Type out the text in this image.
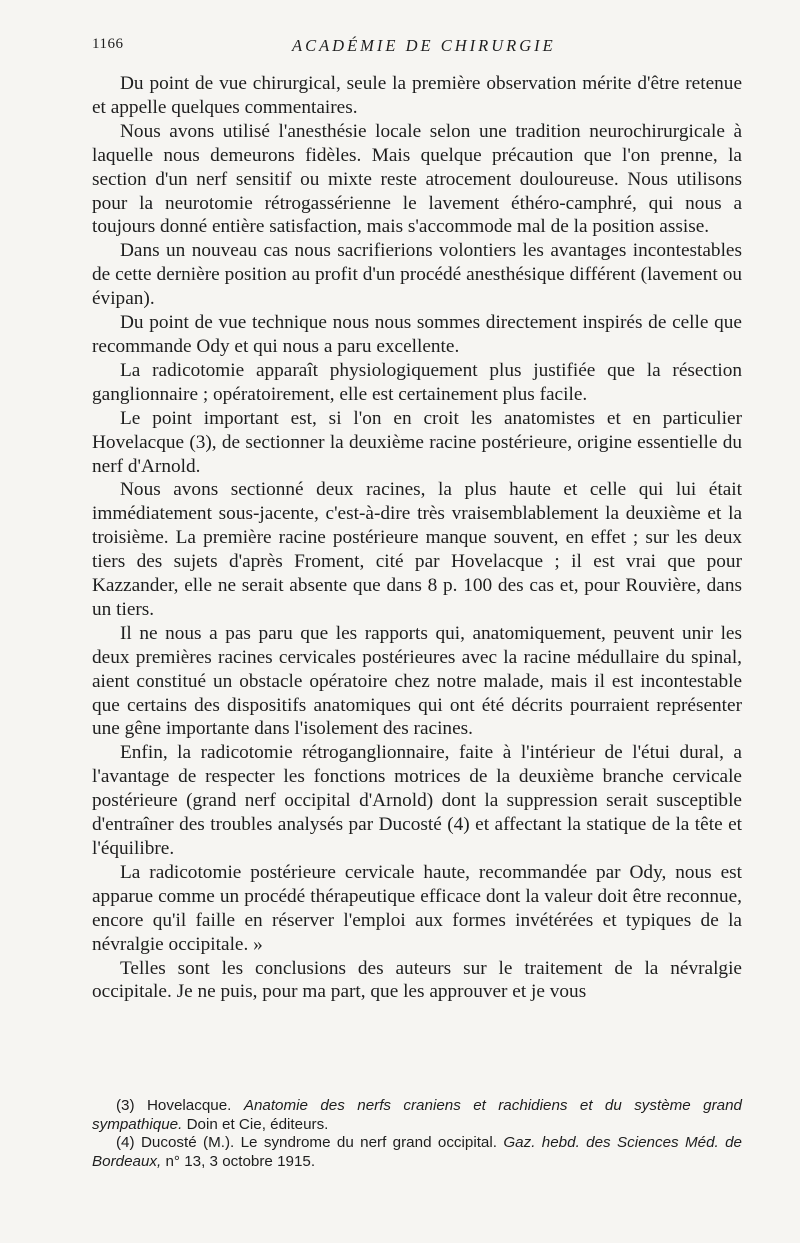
1166	ACADÉMIE DE CHIRURGIE

Du point de vue chirurgical, seule la première observation mérite d'être retenue et appelle quelques commentaires.

Nous avons utilisé l'anesthésie locale selon une tradition neurochirurgicale à laquelle nous demeurons fidèles. Mais quelque précaution que l'on prenne, la section d'un nerf sensitif ou mixte reste atrocement douloureuse. Nous utilisons pour la neurotomie rétrogassérienne le lavement éthéro-camphré, qui nous a toujours donné entière satisfaction, mais s'accommode mal de la position assise.

Dans un nouveau cas nous sacrifierions volontiers les avantages incontestables de cette dernière position au profit d'un procédé anesthésique différent (lavement ou évipan).

Du point de vue technique nous nous sommes directement inspirés de celle que recommande Ody et qui nous a paru excellente.

La radicotomie apparaît physiologiquement plus justifiée que la résection ganglionnaire ; opératoirement, elle est certainement plus facile.

Le point important est, si l'on en croit les anatomistes et en particulier Hovelacque (3), de sectionner la deuxième racine postérieure, origine essentielle du nerf d'Arnold.

Nous avons sectionné deux racines, la plus haute et celle qui lui était immédiatement sous-jacente, c'est-à-dire très vraisemblablement la deuxième et la troisième. La première racine postérieure manque souvent, en effet ; sur les deux tiers des sujets d'après Froment, cité par Hovelacque ; il est vrai que pour Kazzander, elle ne serait absente que dans 8 p. 100 des cas et, pour Rouvière, dans un tiers.

Il ne nous a pas paru que les rapports qui, anatomiquement, peuvent unir les deux premières racines cervicales postérieures avec la racine médullaire du spinal, aient constitué un obstacle opératoire chez notre malade, mais il est incontestable que certains des dispositifs anatomiques qui ont été décrits pourraient représenter une gêne importante dans l'isolement des racines.

Enfin, la radicotomie rétroganglionnaire, faite à l'intérieur de l'étui dural, a l'avantage de respecter les fonctions motrices de la deuxième branche cervicale postérieure (grand nerf occipital d'Arnold) dont la suppression serait susceptible d'entraîner des troubles analysés par Ducosté (4) et affectant la statique de la tête et l'équilibre.

La radicotomie postérieure cervicale haute, recommandée par Ody, nous est apparue comme un procédé thérapeutique efficace dont la valeur doit être reconnue, encore qu'il faille en réserver l'emploi aux formes invétérées et typiques de la névralgie occipitale. »

Telles sont les conclusions des auteurs sur le traitement de la névralgie occipitale. Je ne puis, pour ma part, que les approuver et je vous

(3) Hovelacque. Anatomie des nerfs craniens et rachidiens et du système grand sympathique. Doin et Cie, éditeurs.

(4) Ducosté (M.). Le syndrome du nerf grand occipital. Gaz. hebd. des Sciences Méd. de Bordeaux, n° 13, 3 octobre 1915.
